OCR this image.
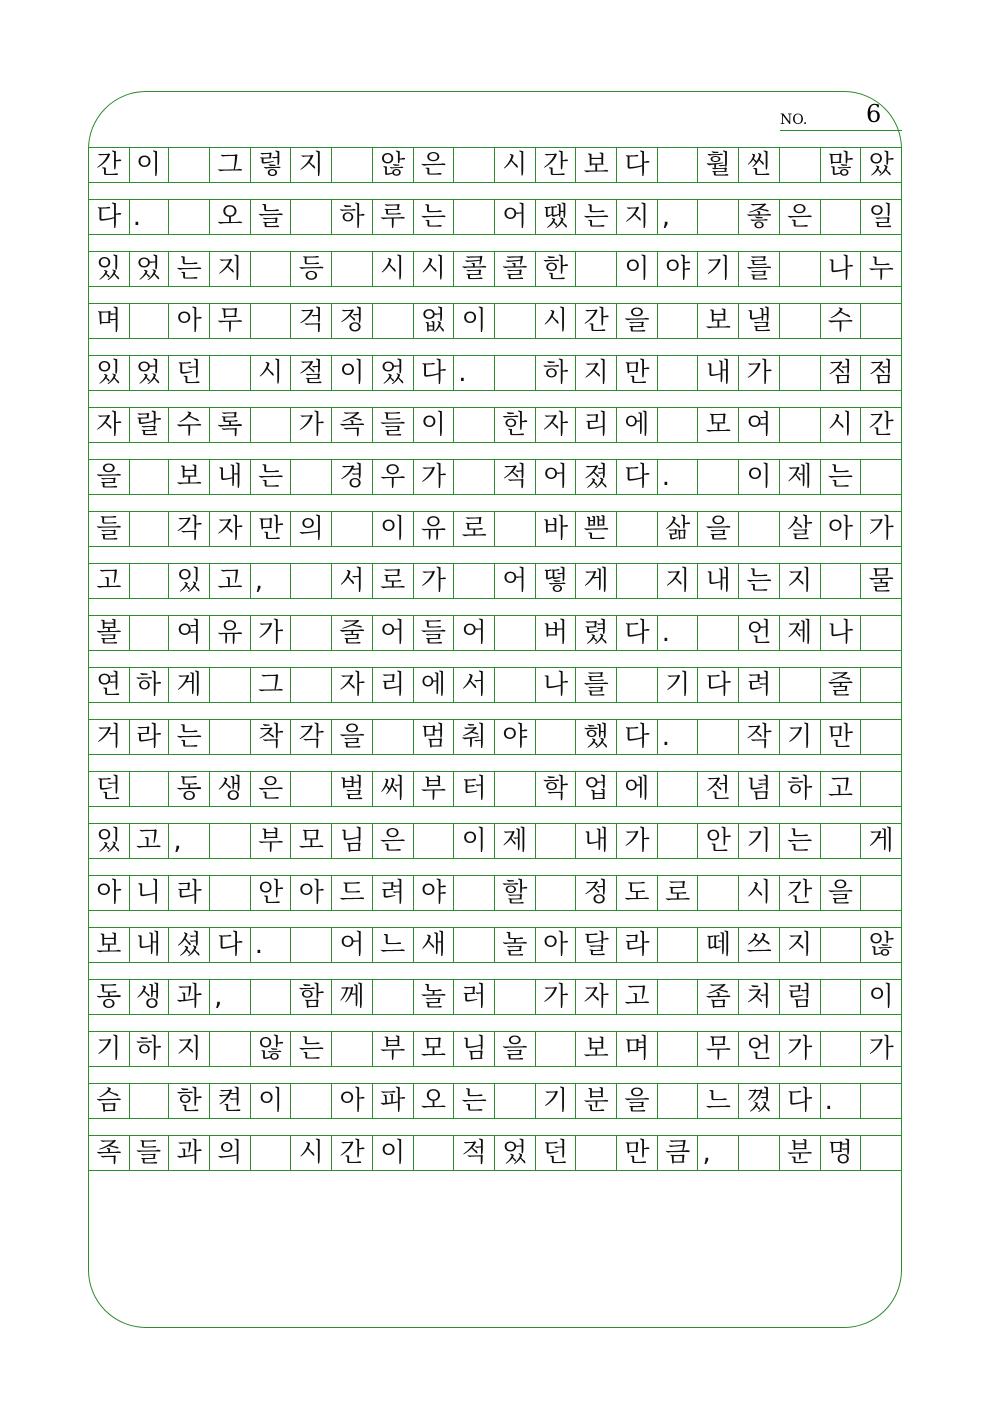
NO. 6
간 이	그 렇 지	않 은	시 간 보 다	훨 씬	많 았
다 .	오 늘	하 루 는	어 땠 는 지 ,	좋 은	일
있 었 는 지	등	시 시 콜 콜 한	이 야 기 를	나 누
며	아 무	걱 정	없 이	시 간 을	보 낼	수
있 었 던	시 절 이 었 다 .	하 지 만	내 가	점 점
자 랄 수 록	가 족 들 이	한 자 리 에	모 여	시 간
을	보 내 는	경 우 가	적 어 졌 다 .	이 제 는
들	각 자 만 의	이 유 로	바 쁜	삶 을	살 아 가
고	있 고 ,	서 로 가	어 떻 게	지 내 는 지	물
볼	여 유 가	줄 어 들 어	버 렸 다 .	언 제 나
연 하 게	그	자 리 에 서	나 를	기 다 려	줄
거 라 는	착 각 을	멈 춰 야	했 다 .	작 기 만
던	동 생 은	벌 써 부 터	학 업 에	전 념 하 고
있 고 ,	부 모 님 은	이 제	내 가	안 기 는	게
아 니 라	안 아 드 려 야	할	정 도 로	시 간 을
보 내 셨 다 .	어 느 새	놀 아 달 라	떼 쓰 지	않
동 생 과 ,	함 께	놀 러	가 자 고	좀 처 럼	이
기 하 지	않 는	부 모 님 을	보 며	무 언 가	가
슴	한 켠 이	아 파 오 는	기 분 을	느 꼈 다 .
족 들 과 의	시 간 이	적 었 던	만 큼 ,	분 명
